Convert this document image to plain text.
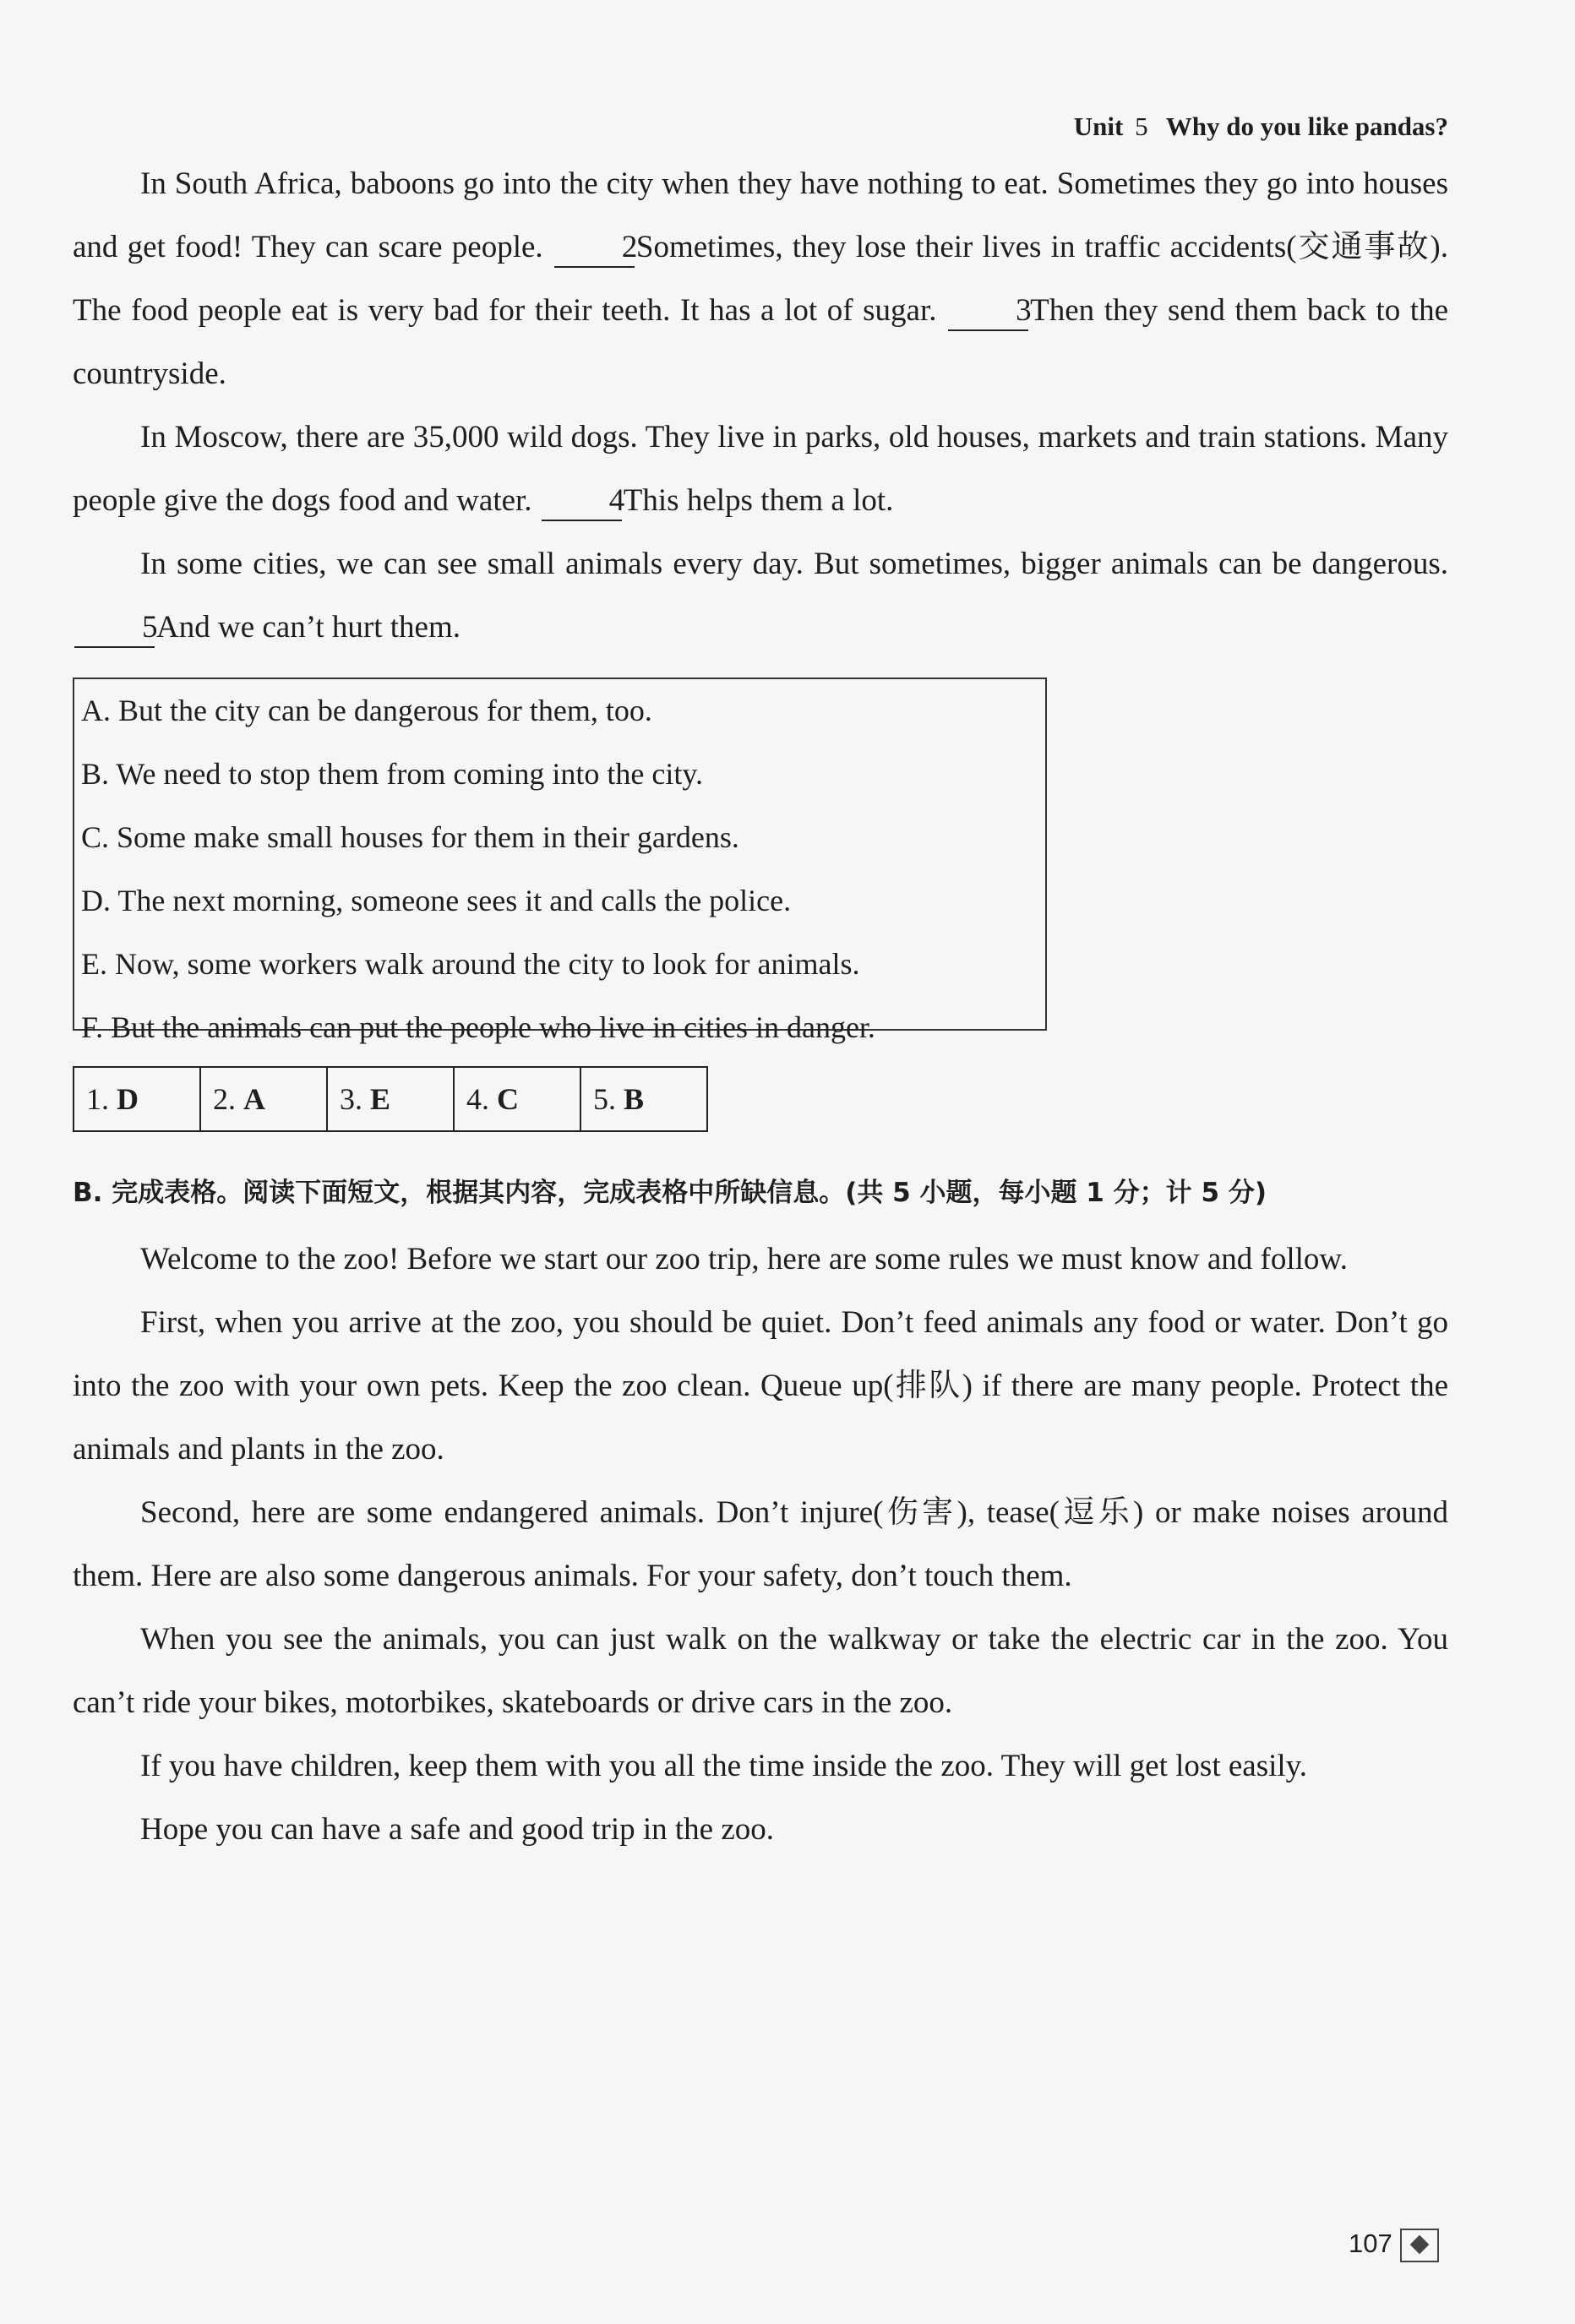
Unit 5 Why do you like pandas?

In South Africa, baboons go into the city when they have nothing to eat. Sometimes they go into houses and get food! They can scare people.	2Sometimes, they lose their lives in traffic accidents(交通事故). The food people eat is very bad for their teeth. It has a lot of sugar.	3Then they send them back to the countryside.

In Moscow, there are 35,000 wild dogs. They live in parks, old houses, markets and train stations. Many people give the dogs food and water. 4This helps them a lot.

In some cities, we can see small animals every day. But sometimes, bigger animals can be dangerous. 5And we can’t hurt them.

A. But the city can be dangerous for them, too.
B. We need to stop them from coming into the city.
C. Some make small houses for them in their gardens.
D. The next morning, someone sees it and calls the police.
E. Now, some workers walk around the city to look for animals.
F. But the animals can put the people who live in cities in danger.
1. D	2. A	3. E	4. C	5. B
B. 完成表格。阅读下面短文，根据其内容，完成表格中所缺信息。(共 5 小题，每小题 1 分；计 5 分)

Welcome to the zoo! Before we start our zoo trip, here are some rules we must know and follow.

First, when you arrive at the zoo, you should be quiet. Don’t feed animals any food or water. Don’t go into the zoo with your own pets. Keep the zoo clean. Queue up(排队) if there are many people. Protect the animals and plants in the zoo.

Second, here are some endangered animals. Don’t injure(伤害), tease(逗乐) or make noises around them. Here are also some dangerous animals. For your safety, don’t touch them.

When you see the animals, you can just walk on the walkway or take the electric car in the zoo. You can’t ride your bikes, motorbikes, skateboards or drive cars in the zoo.

If you have children, keep them with you all the time inside the zoo. They will get lost easily.

Hope you can have a safe and good trip in the zoo.

107
